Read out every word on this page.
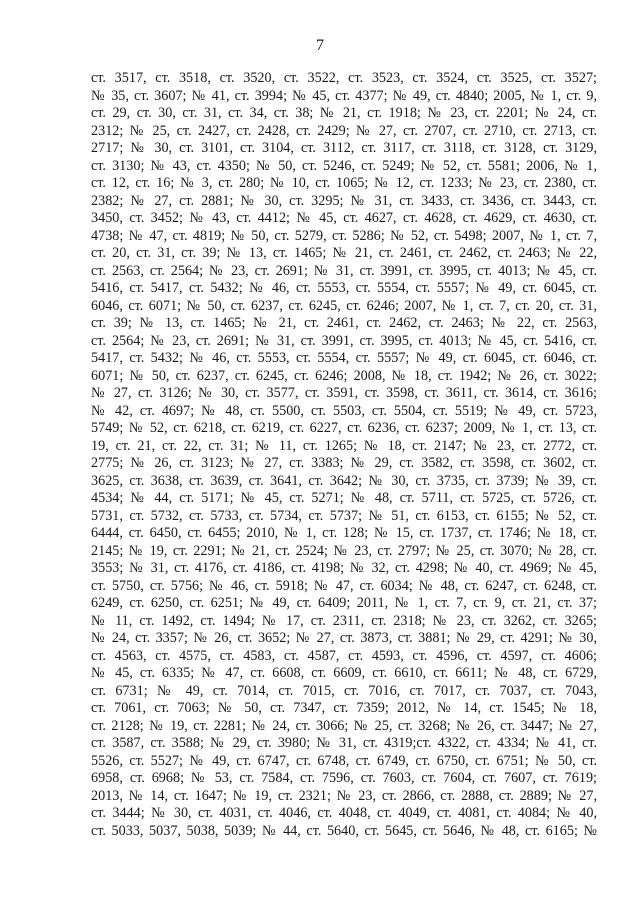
7
ст. 3517, ст. 3518, ст. 3520, ст. 3522, ст. 3523, ст. 3524, ст. 3525, ст. 3527;
№ 35, ст. 3607; № 41, ст. 3994; № 45, ст. 4377; № 49, ст. 4840; 2005, № 1, ст. 9,
ст. 29, ст. 30, ст. 31, ст. 34, ст. 38; № 21, ст. 1918; № 23, ст. 2201; № 24, ст.
2312; № 25, ст. 2427, ст. 2428, ст. 2429; № 27, ст. 2707, ст. 2710, ст. 2713, ст.
2717; № 30, ст. 3101, ст. 3104, ст. 3112, ст. 3117, ст. 3118, ст. 3128, ст. 3129,
ст. 3130; № 43, ст. 4350; № 50, ст. 5246, ст. 5249; № 52, ст. 5581; 2006, № 1,
ст. 12, ст. 16; № 3, ст. 280; № 10, ст. 1065; № 12, ст. 1233; № 23, ст. 2380, ст.
2382; № 27, ст. 2881; № 30, ст. 3295; № 31, ст. 3433, ст. 3436, ст. 3443, ст.
3450, ст. 3452; № 43, ст. 4412; № 45, ст. 4627, ст. 4628, ст. 4629, ст. 4630, ст.
4738; № 47, ст. 4819; № 50, ст. 5279, ст. 5286; № 52, ст. 5498; 2007, № 1, ст. 7,
ст. 20, ст. 31, ст. 39; № 13, ст. 1465; № 21, ст. 2461, ст. 2462, ст. 2463; № 22,
ст. 2563, ст. 2564; № 23, ст. 2691; № 31, ст. 3991, ст. 3995, ст. 4013; № 45, ст.
5416, ст. 5417, ст. 5432; № 46, ст. 5553, ст. 5554, ст. 5557; № 49, ст. 6045, ст.
6046, ст. 6071; № 50, ст. 6237, ст. 6245, ст. 6246; 2007, № 1, ст. 7, ст. 20, ст. 31,
ст. 39; № 13, ст. 1465; № 21, ст. 2461, ст. 2462, ст. 2463; № 22, ст. 2563,
ст. 2564; № 23, ст. 2691; № 31, ст. 3991, ст. 3995, ст. 4013; № 45, ст. 5416, ст.
5417, ст. 5432; № 46, ст. 5553, ст. 5554, ст. 5557; № 49, ст. 6045, ст. 6046, ст.
6071; № 50, ст. 6237, ст. 6245, ст. 6246; 2008, № 18, ст. 1942; № 26, ст. 3022;
№ 27, ст. 3126; № 30, ст. 3577, ст. 3591, ст. 3598, ст. 3611, ст. 3614, ст. 3616;
№ 42, ст. 4697; № 48, ст. 5500, ст. 5503, ст. 5504, ст. 5519; № 49, ст. 5723,
5749; № 52, ст. 6218, ст. 6219, ст. 6227, ст. 6236, ст. 6237; 2009, № 1, ст. 13, ст.
19, ст. 21, ст. 22, ст. 31; № 11, ст. 1265; № 18, ст. 2147; № 23, ст. 2772, ст.
2775; № 26, ст. 3123; № 27, ст. 3383; № 29, ст. 3582, ст. 3598, ст. 3602, ст.
3625, ст. 3638, ст. 3639, ст. 3641, ст. 3642; № 30, ст. 3735, ст. 3739; № 39, ст.
4534; № 44, ст. 5171; № 45, ст. 5271; № 48, ст. 5711, ст. 5725, ст. 5726, ст.
5731, ст. 5732, ст. 5733, ст. 5734, ст. 5737; № 51, ст. 6153, ст. 6155; № 52, ст.
6444, ст. 6450, ст. 6455; 2010, № 1, ст. 128; № 15, ст. 1737, ст. 1746; № 18, ст.
2145; № 19, ст. 2291; № 21, ст. 2524; № 23, ст. 2797; № 25, ст. 3070; № 28, ст.
3553; № 31, ст. 4176, ст. 4186, ст. 4198; № 32, ст. 4298; № 40, ст. 4969; № 45,
ст. 5750, ст. 5756; № 46, ст. 5918; № 47, ст. 6034; № 48, ст. 6247, ст. 6248, ст.
6249, ст. 6250, ст. 6251; № 49, ст. 6409; 2011, № 1, ст. 7, ст. 9, ст. 21, ст. 37;
№ 11, ст. 1492, ст. 1494; № 17, ст. 2311, ст. 2318; № 23, ст. 3262, ст. 3265;
№ 24, ст. 3357; № 26, ст. 3652; № 27, ст. 3873, ст. 3881; № 29, ст. 4291; № 30,
ст. 4563, ст. 4575, ст. 4583, ст. 4587, ст. 4593, ст. 4596, ст. 4597, ст. 4606;
№ 45, ст. 6335; № 47, ст. 6608, ст. 6609, ст. 6610, ст. 6611; № 48, ст. 6729,
ст. 6731; № 49, ст. 7014, ст. 7015, ст. 7016, ст. 7017, ст. 7037, ст. 7043,
ст. 7061, ст. 7063; № 50, ст. 7347, ст. 7359; 2012, № 14, ст. 1545; № 18,
ст. 2128; № 19, ст. 2281; № 24, ст. 3066; № 25, ст. 3268; № 26, ст. 3447; № 27,
ст. 3587, ст. 3588; № 29, ст. 3980; № 31, ст. 4319;ст. 4322, ст. 4334; № 41, ст.
5526, ст. 5527; № 49, ст. 6747, ст. 6748, ст. 6749, ст. 6750, ст. 6751; № 50, ст.
6958, ст. 6968; № 53, ст. 7584, ст. 7596, ст. 7603, ст. 7604, ст. 7607, ст. 7619;
2013, № 14, ст. 1647; № 19, ст. 2321; № 23, ст. 2866, ст. 2888, ст. 2889; № 27,
ст. 3444; № 30, ст. 4031, ст. 4046, ст. 4048, ст. 4049, ст. 4081, ст. 4084; № 40,
ст. 5033, 5037, 5038, 5039; № 44, ст. 5640, ст. 5645, ст. 5646, № 48, ст. 6165; №
